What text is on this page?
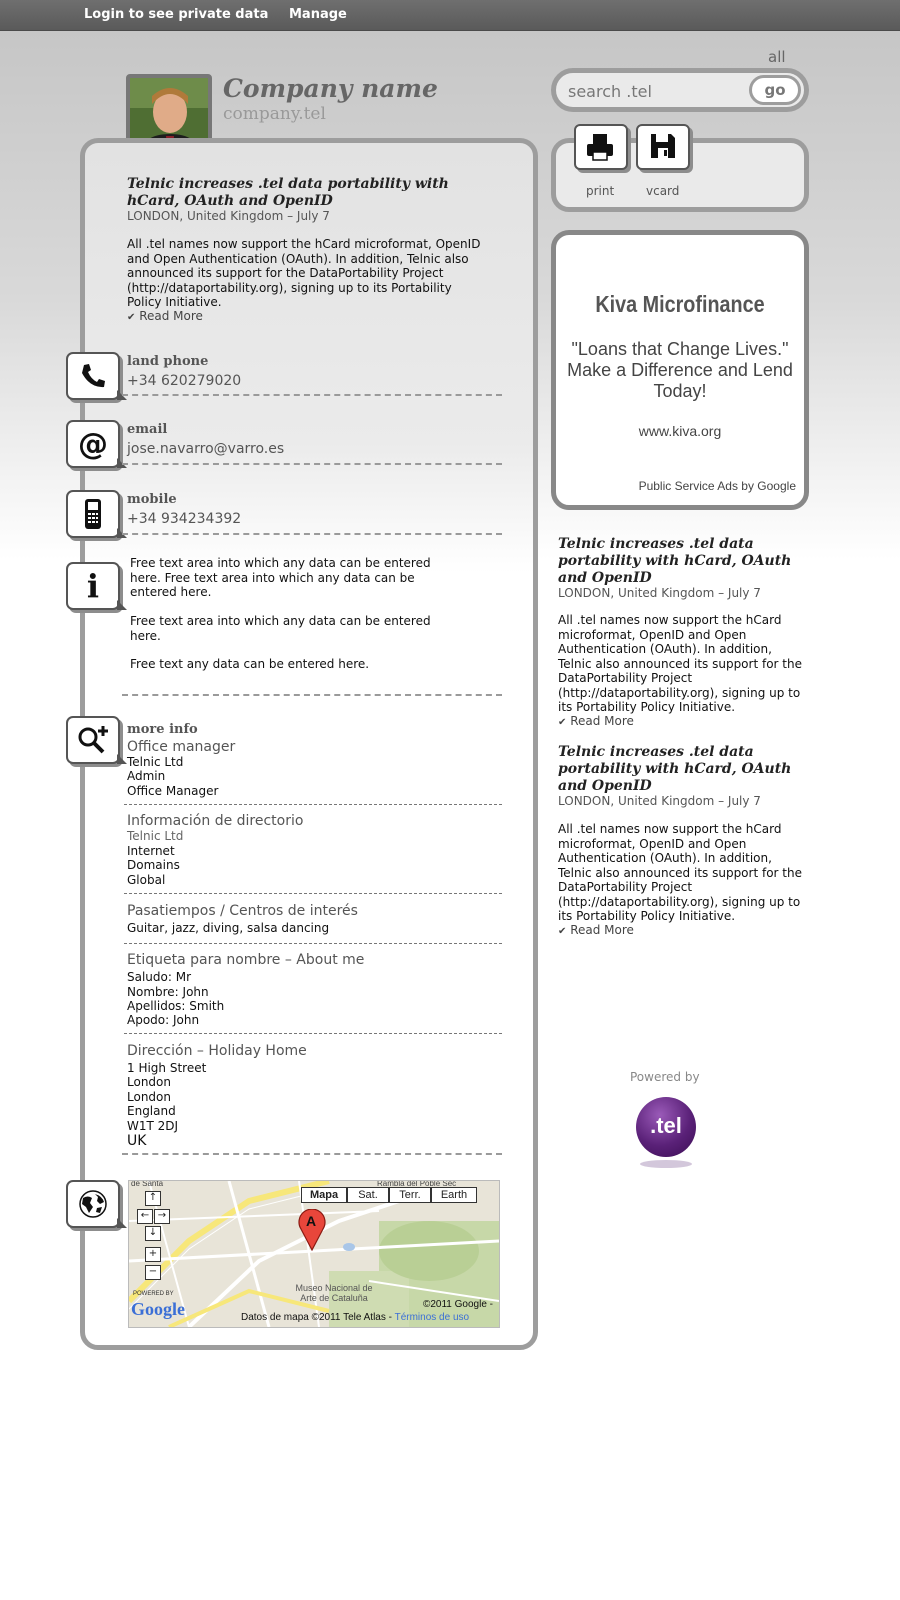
Login to see private data Manage
Company name
company.tel
Telnic increases .tel data portability with hCard, OAuth and OpenID
LONDON, United Kingdom – July 7
All .tel names now support the hCard microformat, OpenID and Open Authentication (OAuth). In addition, Telnic also announced its support for the DataPortability Project (http://dataportability.org), signing up to its Portability Policy Initiative.
✔ Read More
land phone
+34 620279020
@ email
jose.navarro@varro.es
mobile
+34 934234392
i
Free text area into which any data can be entered here. Free text area into which any data can be entered here.
Free text area into which any data can be entered here.
Free text any data can be entered here.
more info
Office manager
Telnic Ltd
Admin
Office Manager
Información de directorio
Telnic Ltd
Internet
Domains
Global
Pasatiempos / Centros de interés
Guitar, jazz, diving, salsa dancing
Etiqueta para nombre – About me
Saludo: Mr
Nombre: John
Apellidos: Smith
Apodo: John
Dirección – Holiday Home
1 High Street
London
London
England
W1T 2DJ
UK
Mapa	Sat.	Terr.	Earth
↑
← →
↓
+
−
A
Museo Nacional de Arte de Cataluña
de Santa	Rambla del Poble Sec
POWERED BY
Google	©2011 Google -
Datos de mapa ©2011 Tele Atlas - Términos de uso
all
search .tel
go
print	vcard
Kiva Microfinance
"Loans that Change Lives." Make a Difference and Lend Today!
www.kiva.org
Public Service Ads by Google
Telnic increases .tel data portability with hCard, OAuth and OpenID
LONDON, United Kingdom – July 7
All .tel names now support the hCard microformat, OpenID and Open Authentication (OAuth). In addition, Telnic also announced its support for the DataPortability Project (http://dataportability.org), signing up to its Portability Policy Initiative.
✔ Read More
Telnic increases .tel data portability with hCard, OAuth and OpenID
LONDON, United Kingdom – July 7
All .tel names now support the hCard microformat, OpenID and Open Authentication (OAuth). In addition, Telnic also announced its support for the DataPortability Project (http://dataportability.org), signing up to its Portability Policy Initiative.
✔ Read More
Powered by
.tel
